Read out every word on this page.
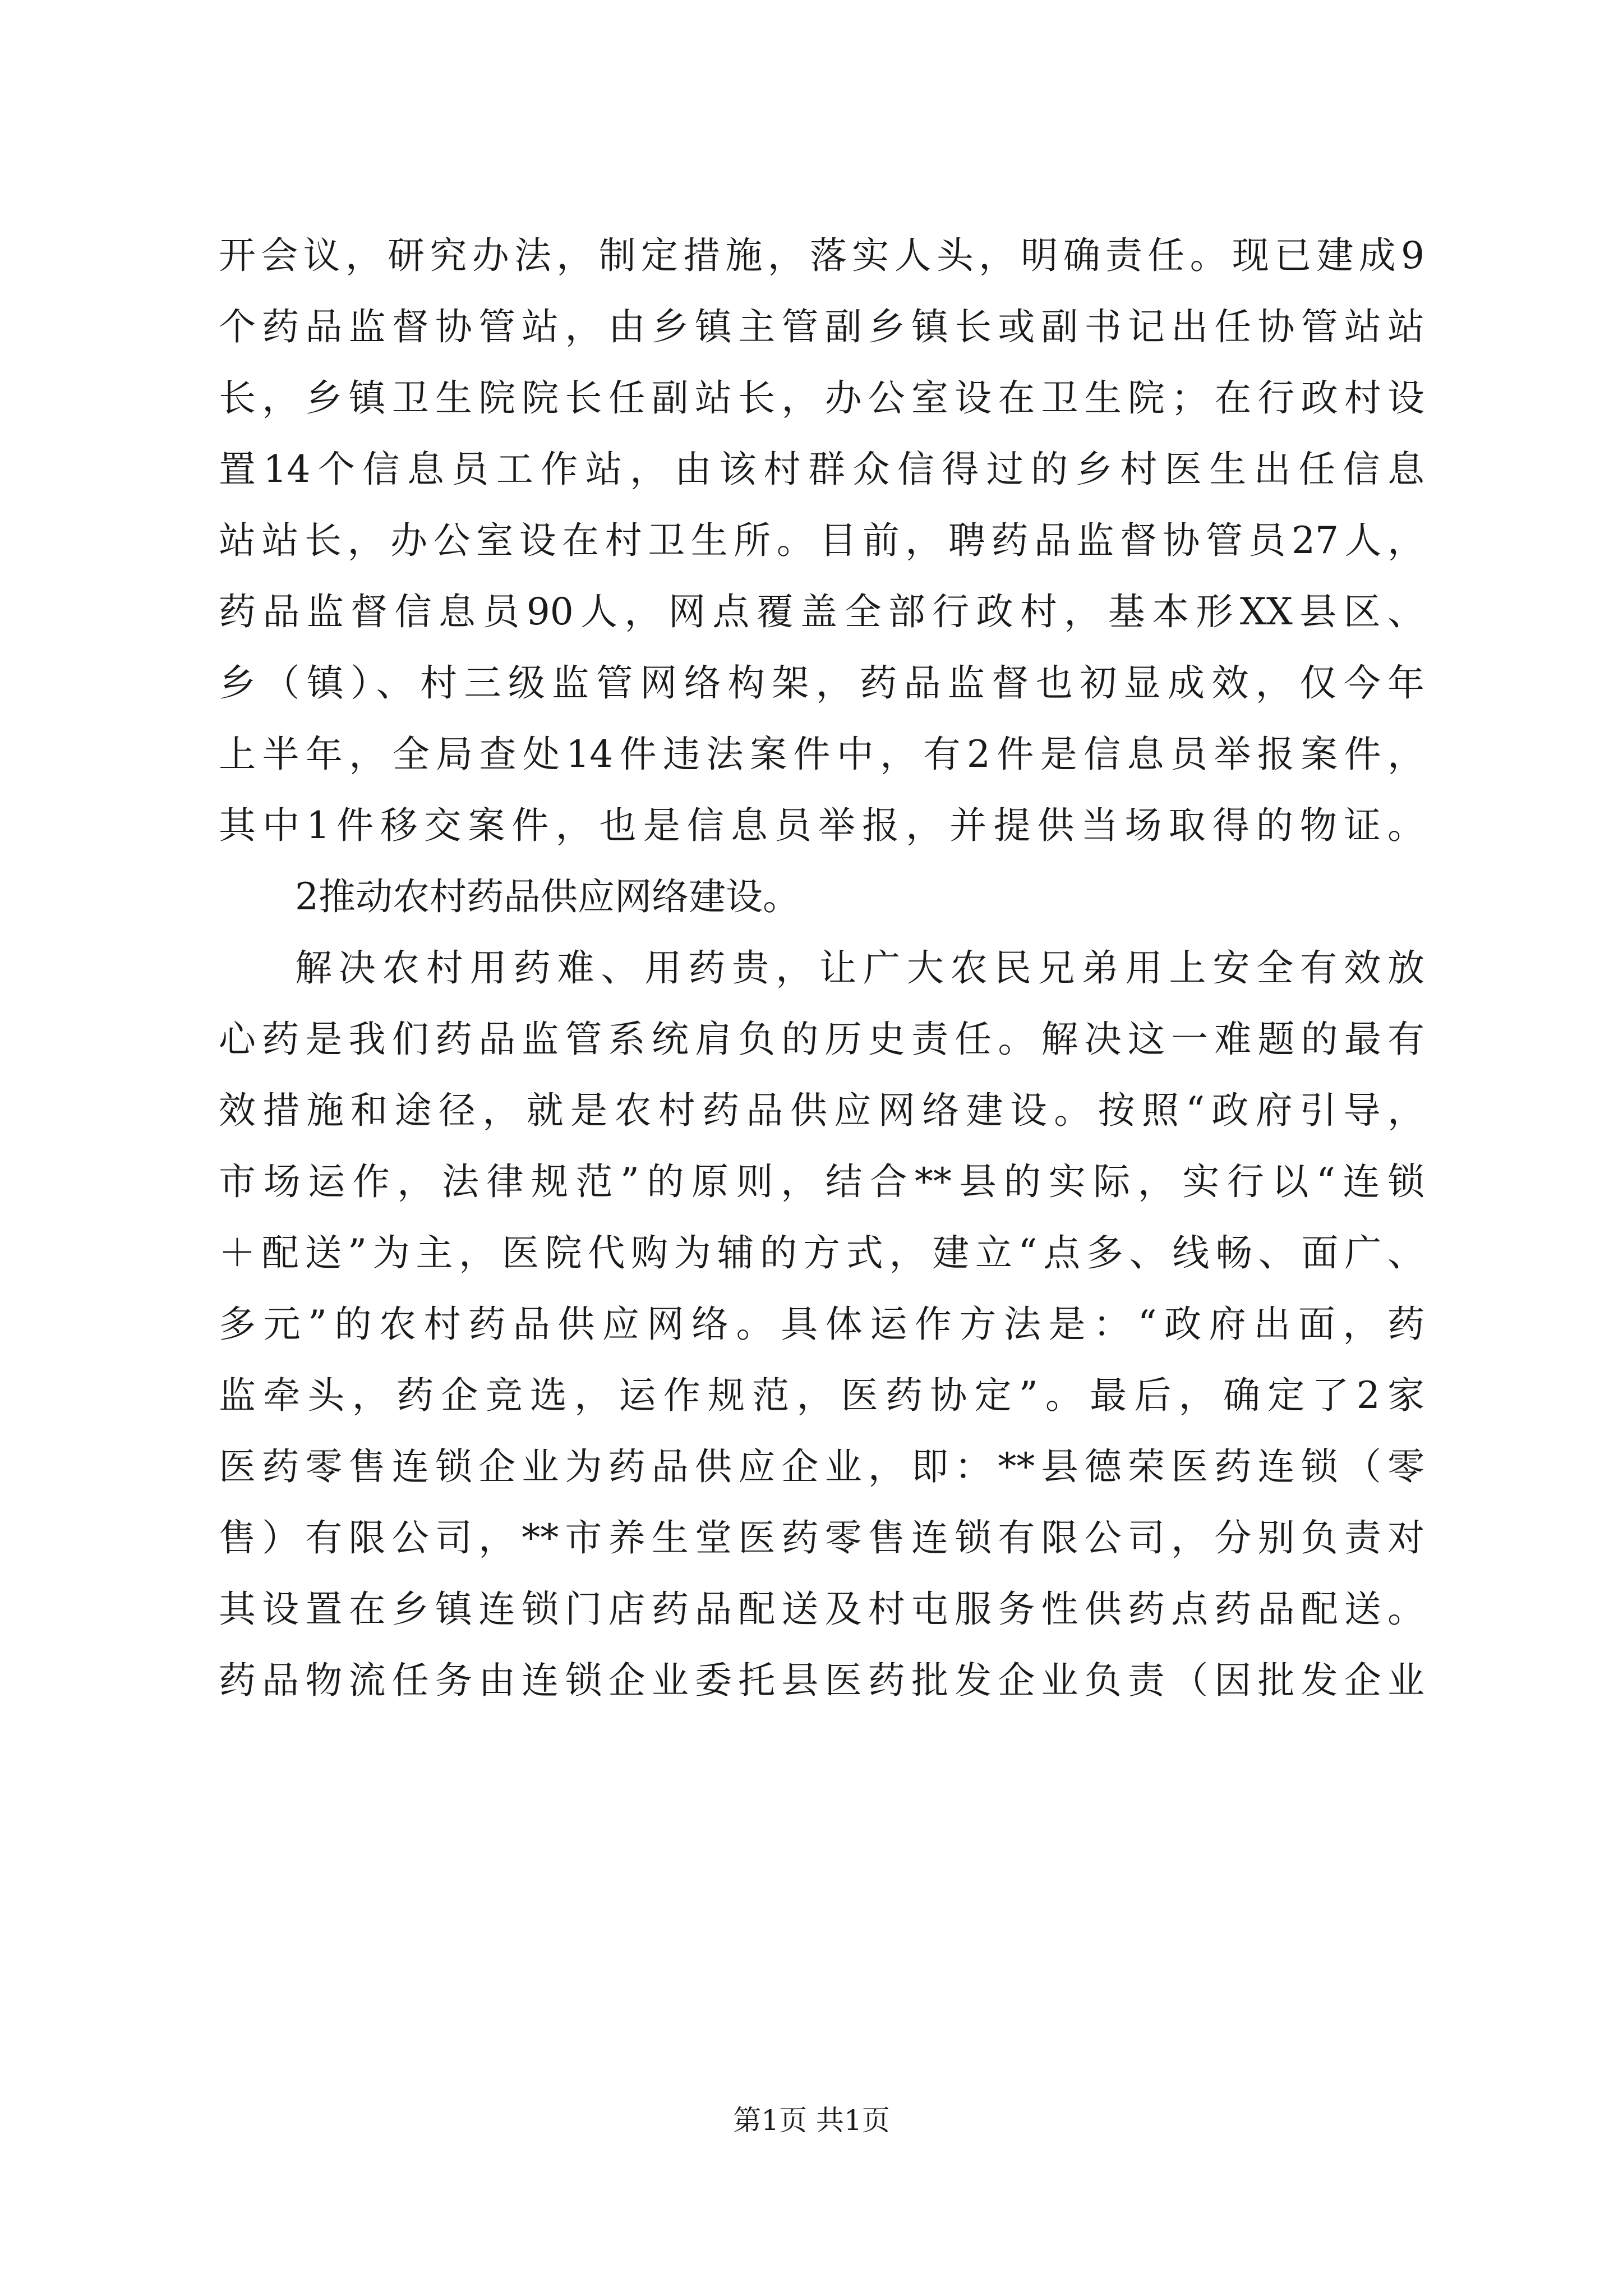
开会议，研究办法，制定措施，落实人头，明确责任。现已建成9
个药品监督协管站，由乡镇主管副乡镇长或副书记出任协管站站
长，乡镇卫生院院长任副站长，办公室设在卫生院；在行政村设
置14个信息员工作站，由该村群众信得过的乡村医生出任信息
站站长，办公室设在村卫生所。目前，聘药品监督协管员27人，
药品监督信息员90人，网点覆盖全部行政村，基本形XX县区、
乡（镇）、村三级监管网络构架，药品监督也初显成效，仅今年
上半年，全局查处14件违法案件中，有2件是信息员举报案件，
其中1件移交案件，也是信息员举报，并提供当场取得的物证。
2推动农村药品供应网络建设。
解决农村用药难、用药贵，让广大农民兄弟用上安全有效放
心药是我们药品监管系统肩负的历史责任。解决这一难题的最有
效措施和途径，就是农村药品供应网络建设。按照“政府引导，
市场运作，法律规范”的原则，结合**县的实际，实行以“连锁
＋配送”为主，医院代购为辅的方式，建立“点多、线畅、面广、
多元”的农村药品供应网络。具体运作方法是：“政府出面，药
监牵头，药企竞选，运作规范，医药协定”。最后，确定了2家
医药零售连锁企业为药品供应企业，即：**县德荣医药连锁（零
售）有限公司，**市养生堂医药零售连锁有限公司，分别负责对
其设置在乡镇连锁门店药品配送及村屯服务性供药点药品配送。
药品物流任务由连锁企业委托县医药批发企业负责（因批发企业
第1页 共1页
